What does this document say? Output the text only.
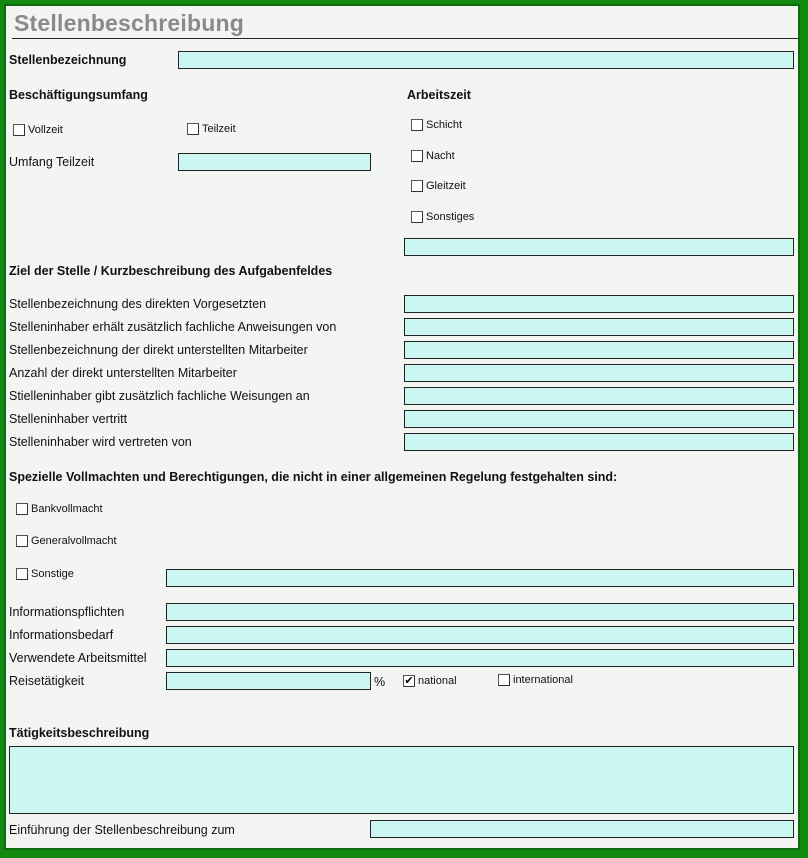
Stellenbeschreibung
Stellenbezeichnung
Beschäftigungsumfang
Vollzeit	Teilzeit
Umfang Teilzeit
Arbeitszeit
Schicht
Nacht
Gleitzeit
Sonstiges
Ziel der Stelle / Kurzbeschreibung des Aufgabenfeldes
Stellenbezeichnung des direkten Vorgesetzten
Stelleninhaber erhält zusätzlich fachliche Anweisungen von
Stellenbezeichnung der direkt unterstellten Mitarbeiter
Anzahl der direkt unterstellten Mitarbeiter
Stielleninhaber gibt zusätzlich fachliche Weisungen an
Stelleninhaber vertritt
Stelleninhaber wird vertreten von
Spezielle Vollmachten und Berechtigungen, die nicht in einer allgemeinen Regelung festgehalten sind:
Bankvollmacht
Generalvollmacht
Sonstige
Informationspflichten
Informationsbedarf
Verwendete Arbeitsmittel
Reisetätigkeit	% ✔ national	international
Tätigkeitsbeschreibung
Einführung der Stellenbeschreibung zum
